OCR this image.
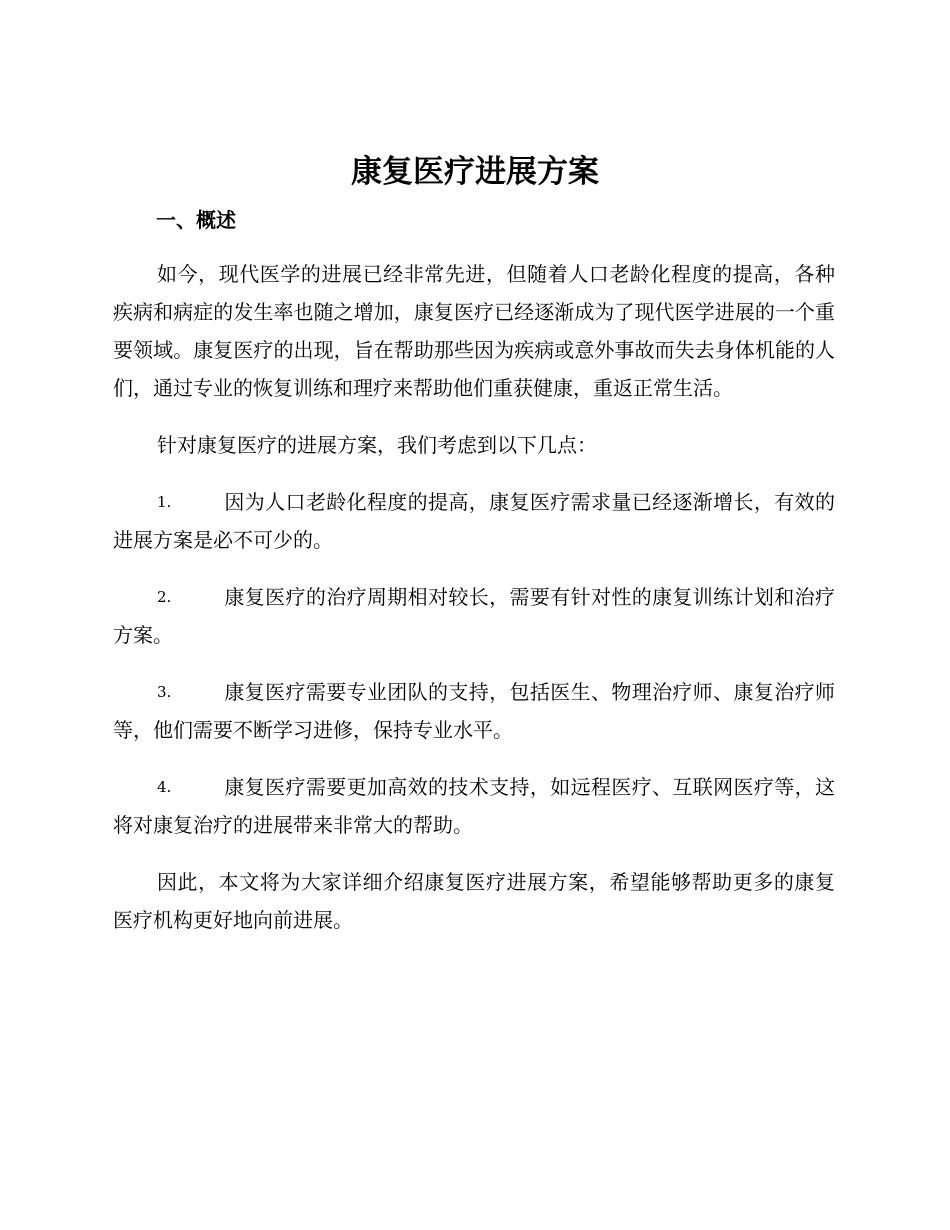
康复医疗进展方案
一、概述

如今，现代医学的进展已经非常先进，但随着人口老龄化程度的提高，各种疾病和病症的发生率也随之增加，康复医疗已经逐渐成为了现代医学进展的一个重要领域。康复医疗的出现，旨在帮助那些因为疾病或意外事故而失去身体机能的人们，通过专业的恢复训练和理疗来帮助他们重获健康，重返正常生活。

针对康复医疗的进展方案，我们考虑到以下几点：

1.	因为人口老龄化程度的提高，康复医疗需求量已经逐渐增长，有效的进展方案是必不可少的。

2.	康复医疗的治疗周期相对较长，需要有针对性的康复训练计划和治疗方案。

3.	康复医疗需要专业团队的支持，包括医生、物理治疗师、康复治疗师等，他们需要不断学习进修，保持专业水平。

4.	康复医疗需要更加高效的技术支持，如远程医疗、互联网医疗等，这将对康复治疗的进展带来非常大的帮助。

因此，本文将为大家详细介绍康复医疗进展方案，希望能够帮助更多的康复医疗机构更好地向前进展。
